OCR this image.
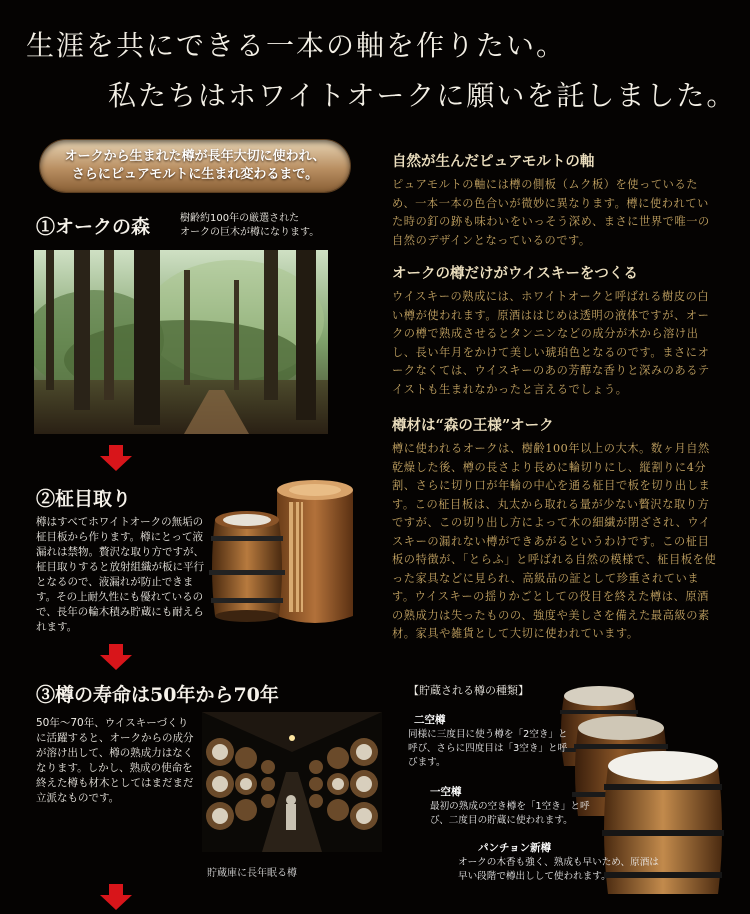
生涯を共にできる一本の軸を作りたい。
私たちはホワイトオークに願いを託しました。
オークから生まれた樽が長年大切に使われ、
さらにピュアモルトに生まれ変わるまで。
①オークの森	樹齢約100年の厳選された
オークの巨木が樽になります。
②柾目取り
樽はすべてホワイトオークの無垢の柾目板から作ります。樽にとって液漏れは禁物。贅沢な取り方ですが、柾目取りすると放射組織が板に平行となるので、液漏れが防止できます。その上耐久性にも優れているので、長年の輪木積み貯蔵にも耐えられます。
③樽の寿命は50年から70年
50年〜70年、ウイスキーづくりに活躍すると、オークからの成分が溶け出して、樽の熟成力はなくなります。しかし、熟成の使命を終えた樽も材木としてはまだまだ立派なものです。
貯蔵庫に長年眠る樽
自然が生んだピュアモルトの軸
ピュアモルトの軸には樽の側板（ムク板）を使っているため、一本一本の色合いが微妙に異なります。樽に使われていた時の釘の跡も味わいをいっそう深め、まさに世界で唯一の自然のデザインとなっているのです。
オークの樽だけがウイスキーをつくる
ウイスキーの熟成には、ホワイトオークと呼ばれる樹皮の白い樽が使われます。原酒ははじめは透明の液体ですが、オークの樽で熟成させるとタンニンなどの成分が木から溶け出し、長い年月をかけて美しい琥珀色となるのです。まさにオークなくては、ウイスキーのあの芳醇な香りと深みのあるテイストも生まれなかったと言えるでしょう。
樽材は“森の王様”オーク
樽に使われるオークは、樹齢100年以上の大木。数ヶ月自然乾燥した後、樽の長さより長めに輪切りにし、縦割りに4分割、さらに切り口が年輪の中心を通る柾目で板を切り出します。この柾目板は、丸太から取れる量が少ない贅沢な取り方ですが、この切り出し方によって木の細繊が閉ざされ、ウイスキーの漏れない樽ができあがるというわけです。この柾目板の特徴が、「とらふ」と呼ばれる自然の模様で、柾目板を使った家具などに見られ、高級品の証として珍重されています。ウイスキーの揺りかごとしての役目を終えた樽は、原酒の熟成力は失ったものの、強度や美しさを備えた最高級の素材。家具や雑貨として大切に使われています。
【貯蔵される樽の種類】
二空樽
同様に三度目に使う樽を「2空き」と呼び、さらに四度目は「3空き」と呼びます。
一空樽
最初の熟成の空き樽を「1空き」と呼び、二度目の貯蔵に使われます。
パンチョン新樽
オークの木香も強く、熟成も早いため、原酒は早い段階で樽出しして使われます。
